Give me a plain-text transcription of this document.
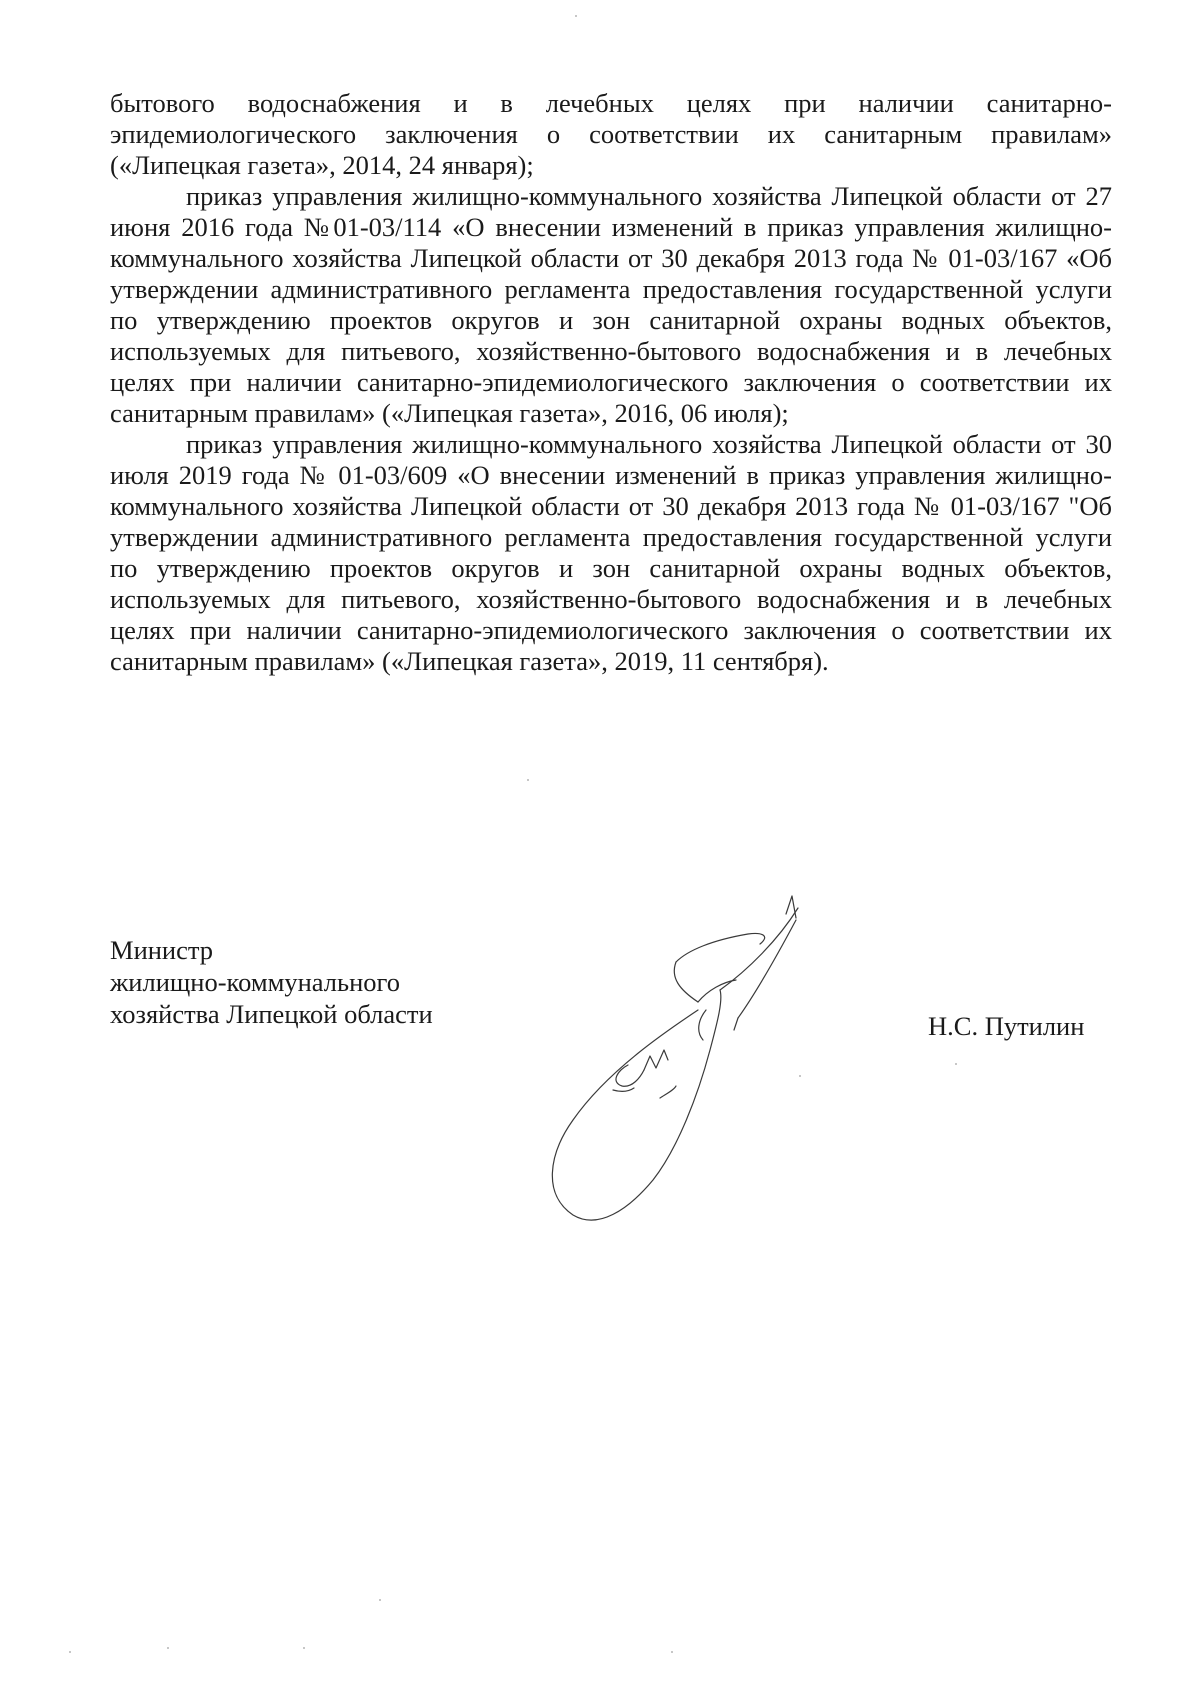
бытового водоснабжения и в лечебных целях при наличии санитарно-эпидемиологического заключения о соответствии их санитарным правилам» («Липецкая газета», 2014, 24 января);

приказ управления жилищно-коммунального хозяйства Липецкой области от 27 июня 2016 года №01-03/114 «О внесении изменений в приказ управления жилищно-коммунального хозяйства Липецкой области от 30 декабря 2013 года № 01-03/167 «Об утверждении административного регламента предоставления государственной услуги по утверждению проектов округов и зон санитарной охраны водных объектов, используемых для питьевого, хозяйственно-бытового водоснабжения и в лечебных целях при наличии санитарно-эпидемиологического заключения о соответствии их санитарным правилам» («Липецкая газета», 2016, 06 июля);

приказ управления жилищно-коммунального хозяйства Липецкой области от 30 июля 2019 года № 01-03/609 «О внесении изменений в приказ управления жилищно-коммунального хозяйства Липецкой области от 30 декабря 2013 года № 01-03/167 "Об утверждении административного регламента предоставления государственной услуги по утверждению проектов округов и зон санитарной охраны водных объектов, используемых для питьевого, хозяйственно-бытового водоснабжения и в лечебных целях при наличии санитарно-эпидемиологического заключения о соответствии их санитарным правилам» («Липецкая газета», 2019, 11 сентября).

Министр
жилищно-коммунального
хозяйства Липецкой области	Н.С. Путилин
